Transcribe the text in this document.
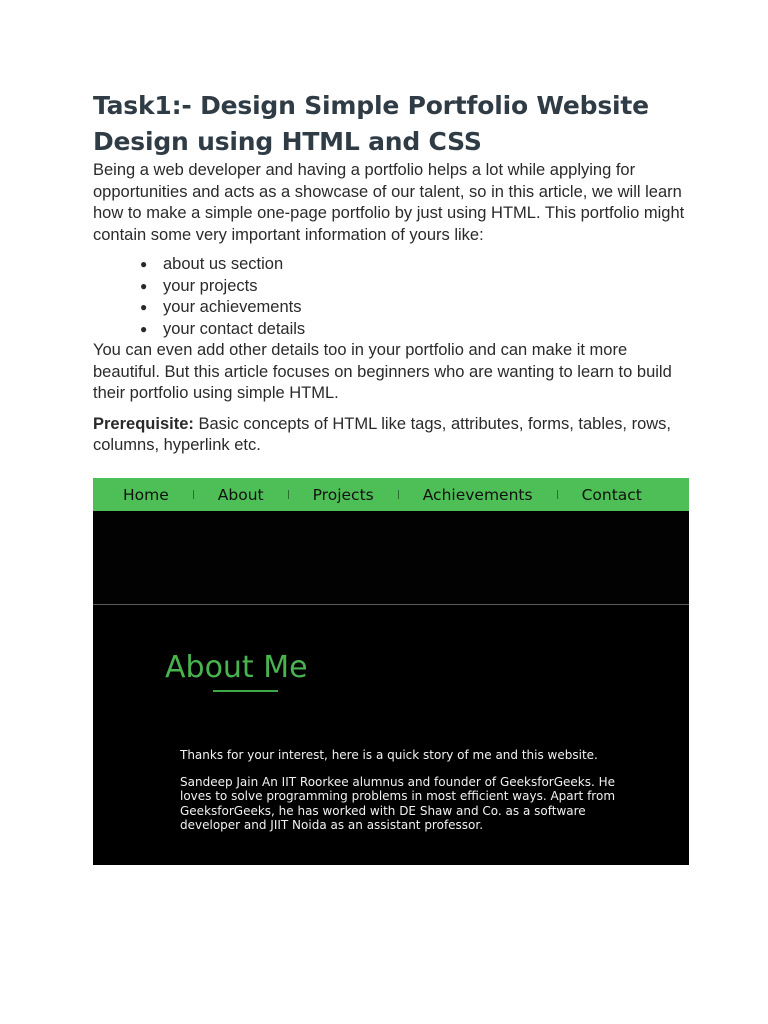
Task1:- Design Simple Portfolio Website Design using HTML and CSS

Being a web developer and having a portfolio helps a lot while applying for opportunities and acts as a showcase of our talent, so in this article, we will learn how to make a simple one-page portfolio by just using HTML. This portfolio might contain some very important information of yours like:

● about us section
● your projects
● your achievements
● your contact details

You can even add other details too in your portfolio and can make it more beautiful. But this article focuses on beginners who are wanting to learn to build their portfolio using simple HTML.

Prerequisite: Basic concepts of HTML like tags, attributes, forms, tables, rows, columns, hyperlink etc.

Home	About	Projects	Achievements	Contact
About Me
Thanks for your interest, here is a quick story of me and this website.
Sandeep Jain An IIT Roorkee alumnus and founder of GeeksforGeeks. He loves to solve programming problems in most efficient ways. Apart from GeeksforGeeks, he has worked with DE Shaw and Co. as a software developer and JIIT Noida as an assistant professor.
